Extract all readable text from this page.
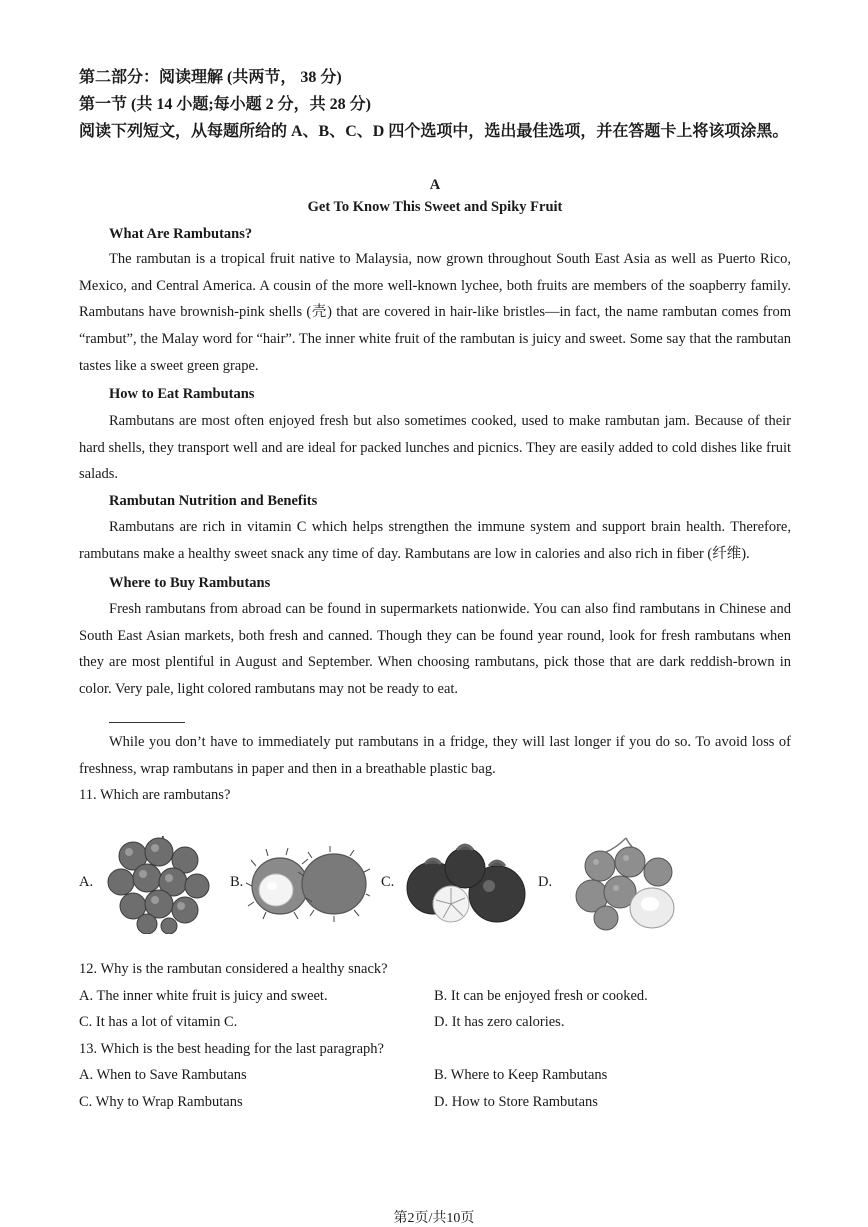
第二部分：阅读理解 (共两节， 38 分)
第一节 (共 14 小题;每小题 2 分，共 28 分)
阅读下列短文，从每题所给的 A、B、C、D 四个选项中，选出最佳选项，并在答题卡上将该项涂黑。
A
Get To Know This Sweet and Spiky Fruit
What Are Rambutans?
The rambutan is a tropical fruit native to Malaysia, now grown throughout South East Asia as well as Puerto Rico, Mexico, and Central America. A cousin of the more well-known lychee, both fruits are members of the soapberry family. Rambutans have brownish-pink shells (壳) that are covered in hair-like bristles—in fact, the name rambutan comes from “rambut”, the Malay word for “hair”. The inner white fruit of the rambutan is juicy and sweet. Some say that the rambutan tastes like a sweet green grape.
How to Eat Rambutans
Rambutans are most often enjoyed fresh but also sometimes cooked, used to make rambutan jam. Because of their hard shells, they transport well and are ideal for packed lunches and picnics. They are easily added to cold dishes like fruit salads.
Rambutan Nutrition and Benefits
Rambutans are rich in vitamin C which helps strengthen the immune system and support brain health. Therefore, rambutans make a healthy sweet snack any time of day. Rambutans are low in calories and also rich in fiber (纤维).
Where to Buy Rambutans
Fresh rambutans from abroad can be found in supermarkets nationwide. You can also find rambutans in Chinese and South East Asian markets, both fresh and canned. Though they can be found year round, look for fresh rambutans when they are most plentiful in August and September. When choosing rambutans, pick those that are dark reddish-brown in color. Very pale, light colored rambutans may not be ready to eat.
While you don’t have to immediately put rambutans in a fridge, they will last longer if you do so. To avoid loss of freshness, wrap rambutans in paper and then in a breathable plastic bag.
11. Which are rambutans?
A.	B.	C.	D.
12. Why is the rambutan considered a healthy snack?
A. The inner white fruit is juicy and sweet.	B. It can be enjoyed fresh or cooked.
C. It has a lot of vitamin C.	D. It has zero calories.
13. Which is the best heading for the last paragraph?
A. When to Save Rambutans	B. Where to Keep Rambutans
C. Why to Wrap Rambutans	D. How to Store Rambutans
第2页/共10页
